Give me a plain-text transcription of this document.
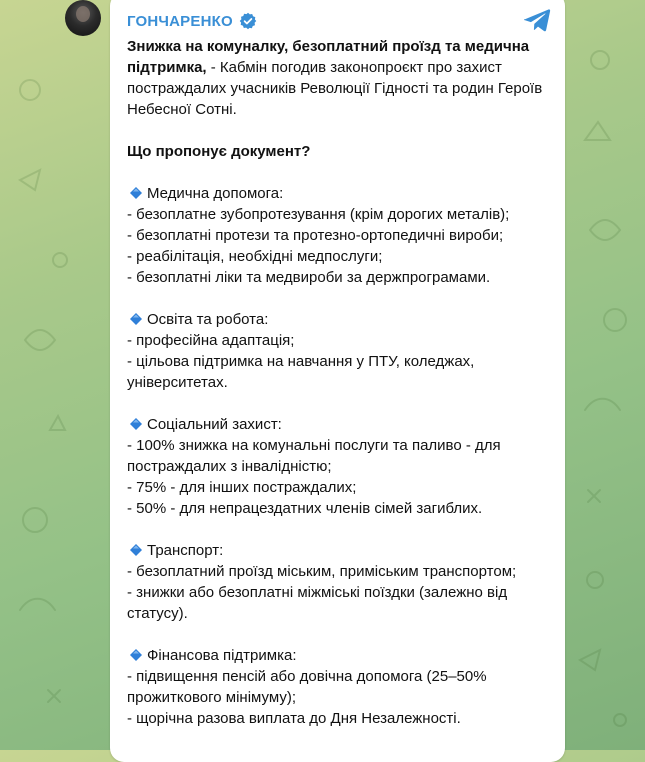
ГОНЧАРЕНКО

Знижка на комуналку, безоплатний проїзд та медична підтримка, - Кабмін погодив законопроєкт про захист постраждалих учасників Революції Гідності та родин Героїв Небесної Сотні.

Що пропонує документ?

Медична допомога:

- безоплатне зубопротезування (крім дорогих металів);

- безоплатні протези та протезно-ортопедичні вироби;

- реабілітація, необхідні медпослуги;

- безоплатні ліки та медвироби за держпрограмами.

Освіта та робота:

- професійна адаптація;

- цільова підтримка на навчання у ПТУ, коледжах, університетах.

Соціальний захист:

- 100% знижка на комунальні послуги та паливо - для постраждалих з інвалідністю;

- 75% - для інших постраждалих;

- 50% - для непрацездатних членів сімей загиблих.

Транспорт:

- безоплатний проїзд міським, приміським транспортом;

- знижки або безоплатні міжміські поїздки (залежно від статусу).

Фінансова підтримка:

- підвищення пенсій або довічна допомога (25–50% прожиткового мінімуму);

- щорічна разова виплата до Дня Незалежності.
